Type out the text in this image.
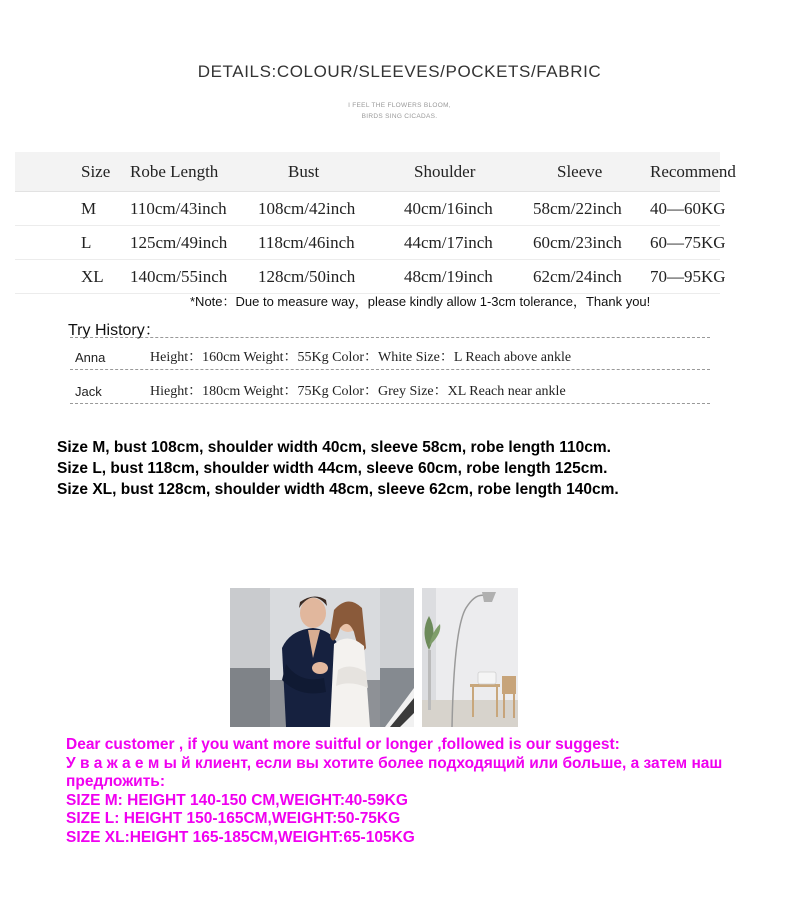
DETAILS:COLOUR/SLEEVES/POCKETS/FABRIC
I FEEL THE FLOWERS BLOOM,
BIRDS SING CICADAS.
Size	Robe Length	Bust	Shoulder	Sleeve	Recommend
M	110cm/43inch	108cm/42inch	40cm/16inch	58cm/22inch	40—60KG
L	125cm/49inch	118cm/46inch	44cm/17inch	60cm/23inch	60—75KG
XL	140cm/55inch	128cm/50inch	48cm/19inch	62cm/24inch	70—95KG
*Note：Due to measure way，please kindly allow 1-3cm tolerance，Thank you!
Try History：
Anna	Height：160cm Weight：55Kg Color：White Size：L Reach above ankle
Jack	Hieght：180cm Weight：75Kg Color：Grey Size：XL Reach near ankle
Size M, bust 108cm, shoulder width 40cm, sleeve 58cm, robe length 110cm.
Size L, bust 118cm, shoulder width 44cm, sleeve 60cm, robe length 125cm.
Size XL, bust 128cm, shoulder width 48cm, sleeve 62cm, robe length 140cm.
Dear customer , if you want more suitful or longer ,followed is our suggest:
У в а ж а е м ы й клиент, если вы хотите более подходящий или больше, а затем наш предложить:
SIZE M: HEIGHT 140-150 CM,WEIGHT:40-59KG
SIZE L: HEIGHT 150-165CM,WEIGHT:50-75KG
SIZE XL:HEIGHT 165-185CM,WEIGHT:65-105KG
